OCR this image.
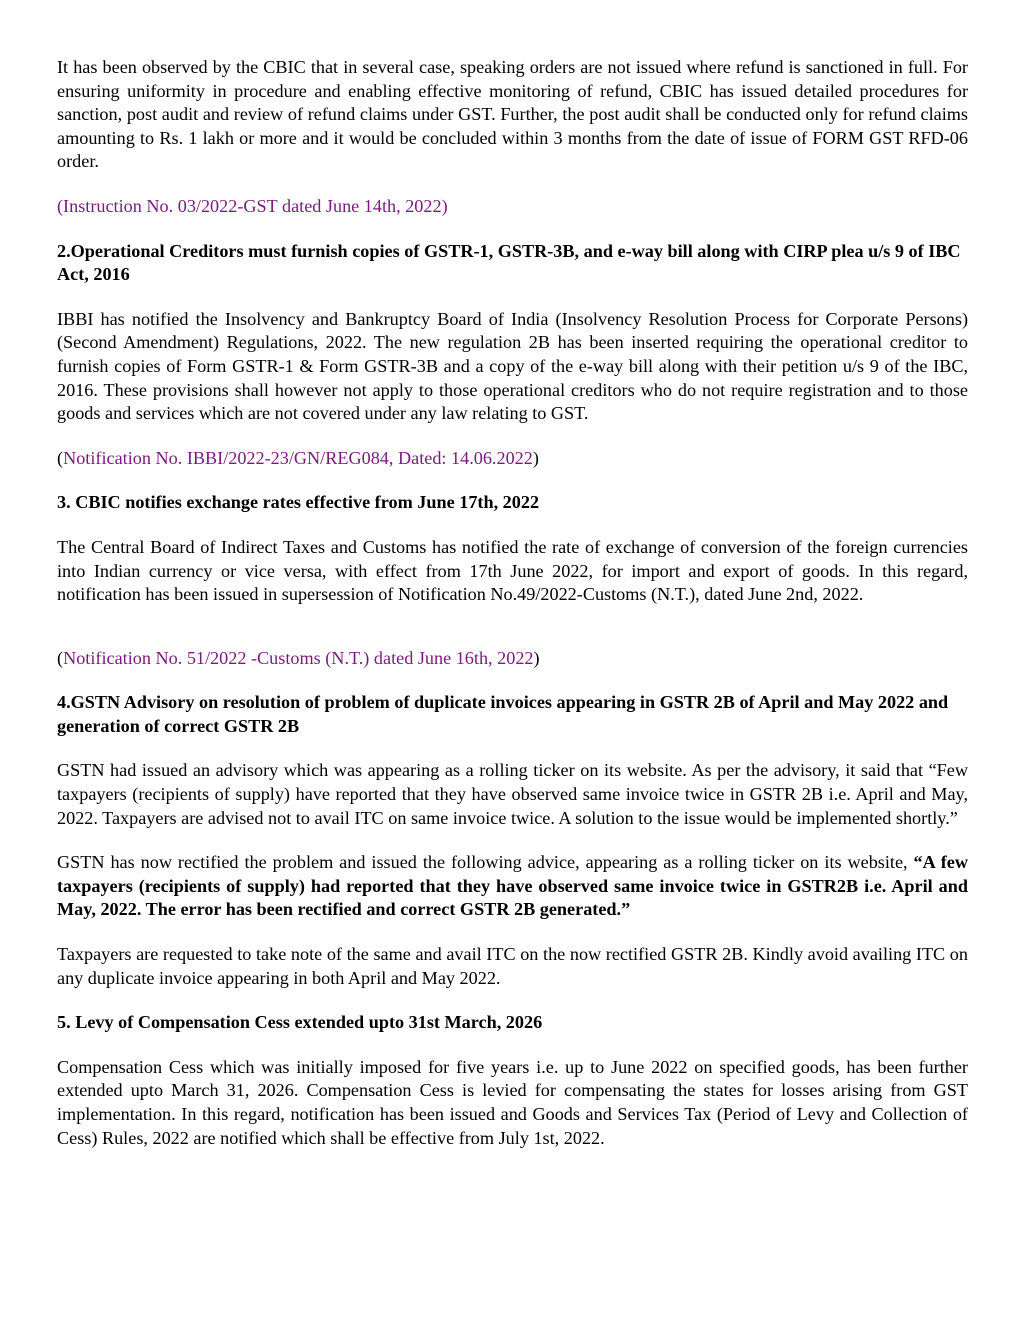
It has been observed by the CBIC that in several case, speaking orders are not issued where refund is sanctioned in full. For ensuring uniformity in procedure and enabling effective monitoring of refund, CBIC has issued detailed procedures for sanction, post audit and review of refund claims under GST. Further, the post audit shall be conducted only for refund claims amounting to Rs. 1 lakh or more and it would be concluded within 3 months from the date of issue of FORM GST RFD-06 order.

(Instruction No. 03/2022-GST dated June 14th, 2022)

2.Operational Creditors must furnish copies of GSTR-1, GSTR-3B, and e-way bill along with CIRP plea u/s 9 of IBC Act, 2016

IBBI has notified the Insolvency and Bankruptcy Board of India (Insolvency Resolution Process for Corporate Persons) (Second Amendment) Regulations, 2022. The new regulation 2B has been inserted requiring the operational creditor to furnish copies of Form GSTR-1 & Form GSTR-3B and a copy of the e-way bill along with their petition u/s 9 of the IBC, 2016. These provisions shall however not apply to those operational creditors who do not require registration and to those goods and services which are not covered under any law relating to GST.

(Notification No. IBBI/2022-23/GN/REG084, Dated: 14.06.2022)

3. CBIC notifies exchange rates effective from June 17th, 2022

The Central Board of Indirect Taxes and Customs has notified the rate of exchange of conversion of the foreign currencies into Indian currency or vice versa, with effect from 17th June 2022, for import and export of goods. In this regard, notification has been issued in supersession of Notification No.49/2022-Customs (N.T.), dated June 2nd, 2022.

(Notification No. 51/2022 -Customs (N.T.) dated June 16th, 2022)

4.GSTN Advisory on resolution of problem of duplicate invoices appearing in GSTR 2B of April and May 2022 and generation of correct GSTR 2B

GSTN had issued an advisory which was appearing as a rolling ticker on its website. As per the advisory, it said that “Few taxpayers (recipients of supply) have reported that they have observed same invoice twice in GSTR 2B i.e. April and May, 2022. Taxpayers are advised not to avail ITC on same invoice twice. A solution to the issue would be implemented shortly.”

GSTN has now rectified the problem and issued the following advice, appearing as a rolling ticker on its website, “A few taxpayers (recipients of supply) had reported that they have observed same invoice twice in GSTR2B i.e. April and May, 2022. The error has been rectified and correct GSTR 2B generated.”

Taxpayers are requested to take note of the same and avail ITC on the now rectified GSTR 2B. Kindly avoid availing ITC on any duplicate invoice appearing in both April and May 2022.

5. Levy of Compensation Cess extended upto 31st March, 2026

Compensation Cess which was initially imposed for five years i.e. up to June 2022 on specified goods, has been further extended upto March 31, 2026. Compensation Cess is levied for compensating the states for losses arising from GST implementation. In this regard, notification has been issued and Goods and Services Tax (Period of Levy and Collection of Cess) Rules, 2022 are notified which shall be effective from July 1st, 2022.
